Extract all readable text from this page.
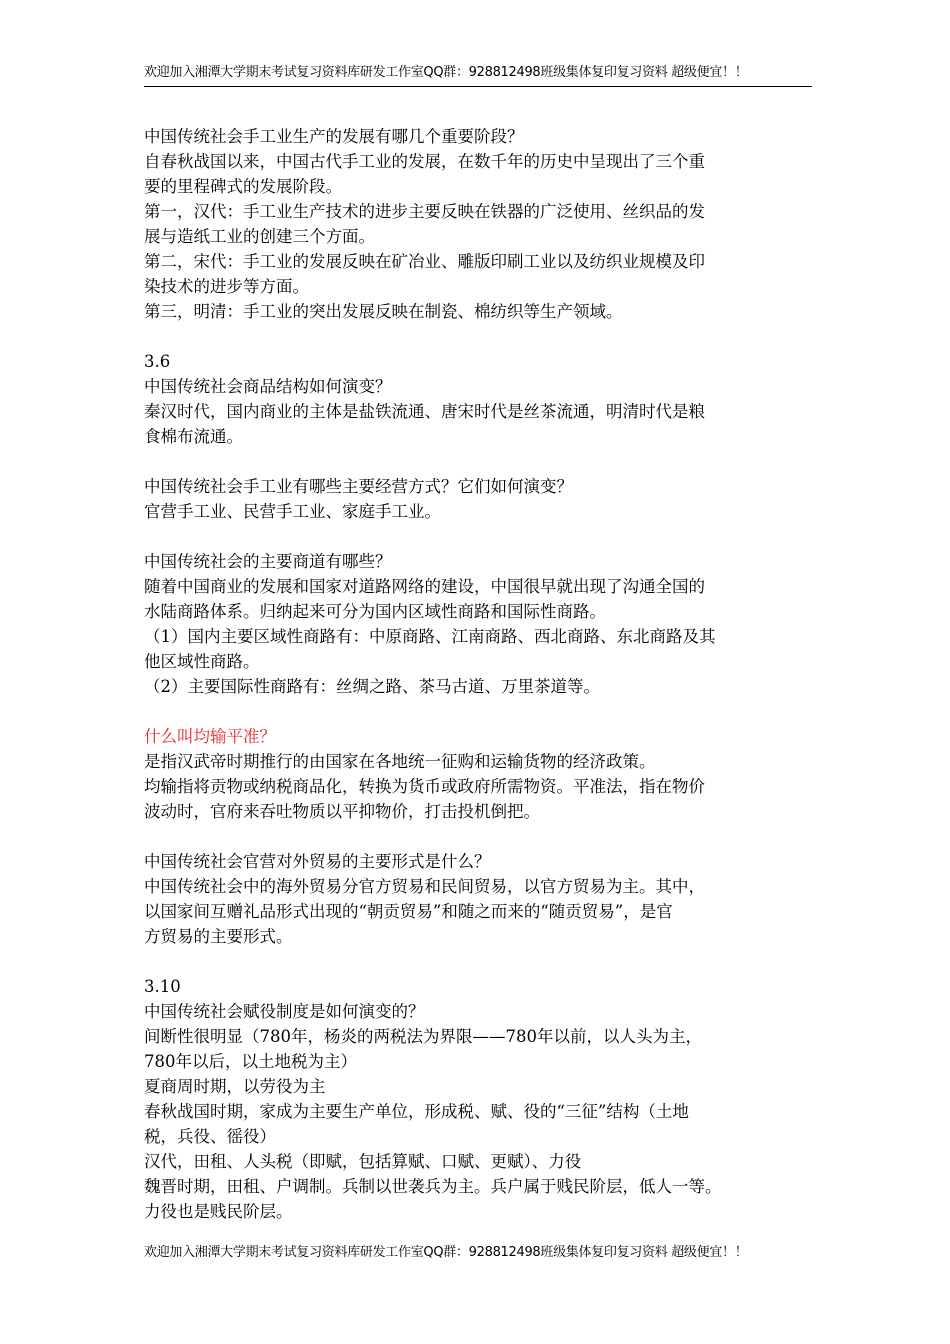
欢迎加入湘潭大学期末考试复习资料库研发工作室QQ群：928812498班级集体复印复习资料 超级便宜！！

中国传统社会手工业生产的发展有哪几个重要阶段？

自春秋战国以来，中国古代手工业的发展，在数千年的历史中呈现出了三个重

要的里程碑式的发展阶段。

第一，汉代：手工业生产技术的进步主要反映在铁器的广泛使用、丝织品的发

展与造纸工业的创建三个方面。

第二，宋代：手工业的发展反映在矿冶业、雕版印刷工业以及纺织业规模及印

染技术的进步等方面。

第三，明清：手工业的突出发展反映在制瓷、棉纺织等生产领域。

3.6

中国传统社会商品结构如何演变？

秦汉时代，国内商业的主体是盐铁流通、唐宋时代是丝茶流通，明清时代是粮

食棉布流通。

中国传统社会手工业有哪些主要经营方式？它们如何演变？

官营手工业、民营手工业、家庭手工业。

中国传统社会的主要商道有哪些？

随着中国商业的发展和国家对道路网络的建设，中国很早就出现了沟通全国的

水陆商路体系。归纳起来可分为国内区域性商路和国际性商路。

（1）国内主要区域性商路有：中原商路、江南商路、西北商路、东北商路及其

他区域性商路。

（2）主要国际性商路有：丝绸之路、茶马古道、万里茶道等。

什么叫均输平准？

是指汉武帝时期推行的由国家在各地统一征购和运输货物的经济政策。

均输指将贡物或纳税商品化，转换为货币或政府所需物资。平准法，指在物价

波动时，官府来吞吐物质以平抑物价，打击投机倒把。

中国传统社会官营对外贸易的主要形式是什么？

中国传统社会中的海外贸易分官方贸易和民间贸易，以官方贸易为主。其中，

以国家间互赠礼品形式出现的“朝贡贸易”和随之而来的“随贡贸易”，是官

方贸易的主要形式。

3.10

中国传统社会赋役制度是如何演变的？

间断性很明显（780年，杨炎的两税法为界限——780年以前，以人头为主，

780年以后，以土地税为主）

夏商周时期，以劳役为主

春秋战国时期，家成为主要生产单位，形成税、赋、役的“三征”结构（土地

税，兵役、徭役）

汉代，田租、人头税（即赋，包括算赋、口赋、更赋）、力役

魏晋时期，田租、户调制。兵制以世袭兵为主。兵户属于贱民阶层，低人一等。

力役也是贱民阶层。

欢迎加入湘潭大学期末考试复习资料库研发工作室QQ群：928812498班级集体复印复习资料 超级便宜！！
